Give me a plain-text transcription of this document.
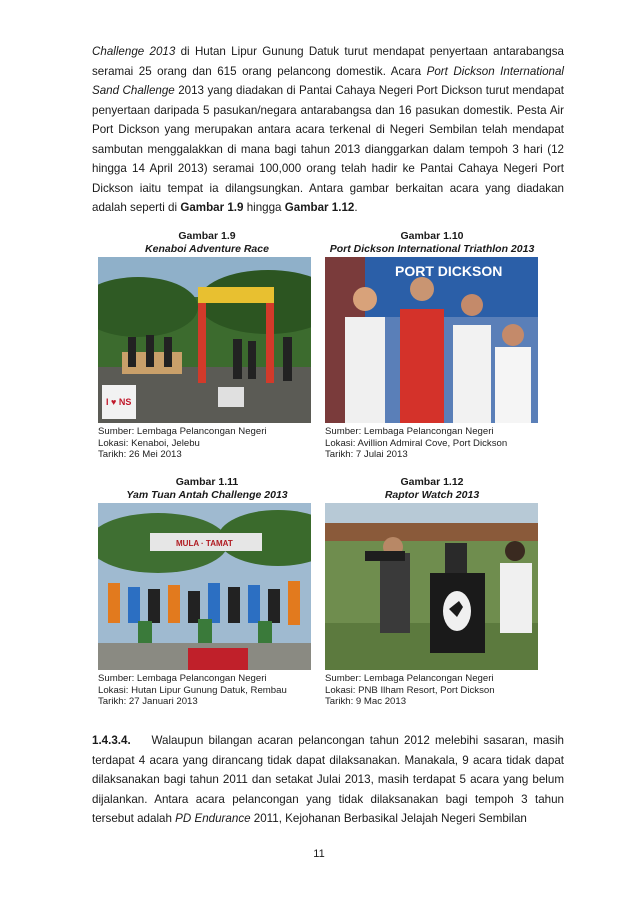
Challenge 2013 di Hutan Lipur Gunung Datuk turut mendapat penyertaan antarabangsa seramai 25 orang dan 615 orang pelancong domestik. Acara Port Dickson International Sand Challenge 2013 yang diadakan di Pantai Cahaya Negeri Port Dickson turut mendapat penyertaan daripada 5 pasukan/negara antarabangsa dan 16 pasukan domestik. Pesta Air Port Dickson yang merupakan antara acara terkenal di Negeri Sembilan telah mendapat sambutan menggalakkan di mana bagi tahun 2013 dianggarkan dalam tempoh 3 hari (12 hingga 14 April 2013) seramai 100,000 orang telah hadir ke Pantai Cahaya Negeri Port Dickson iaitu tempat ia dilangsungkan. Antara gambar berkaitan acara yang diadakan adalah seperti di Gambar 1.9 hingga Gambar 1.12.
Gambar 1.9
Kenaboi Adventure Race
I ♥ NS
Sumber: Lembaga Pelancongan Negeri
Lokasi: Kenaboi, Jelebu
Tarikh: 26 Mei 2013
Gambar 1.10
Port Dickson International Triathlon 2013
PORT DICKSON
Sumber: Lembaga Pelancongan Negeri
Lokasi: Avillion Admiral Cove, Port Dickson
Tarikh: 7 Julai 2013
Gambar 1.11
Yam Tuan Antah Challenge 2013
MULA · TAMAT
Sumber: Lembaga Pelancongan Negeri
Lokasi: Hutan Lipur Gunung Datuk, Rembau
Tarikh: 27 Januari 2013
Gambar 1.12
Raptor Watch 2013
Sumber: Lembaga Pelancongan Negeri
Lokasi: PNB Ilham Resort, Port Dickson
Tarikh: 9 Mac 2013
1.4.3.4. Walaupun bilangan acaran pelancongan tahun 2012 melebihi sasaran, masih terdapat 4 acara yang dirancang tidak dapat dilaksanakan. Manakala, 9 acara tidak dapat dilaksanakan bagi tahun 2011 dan setakat Julai 2013, masih terdapat 5 acara yang belum dijalankan. Antara acara pelancongan yang tidak dilaksanakan bagi tempoh 3 tahun tersebut adalah PD Endurance 2011, Kejohanan Berbasikal Jelajah Negeri Sembilan
11
